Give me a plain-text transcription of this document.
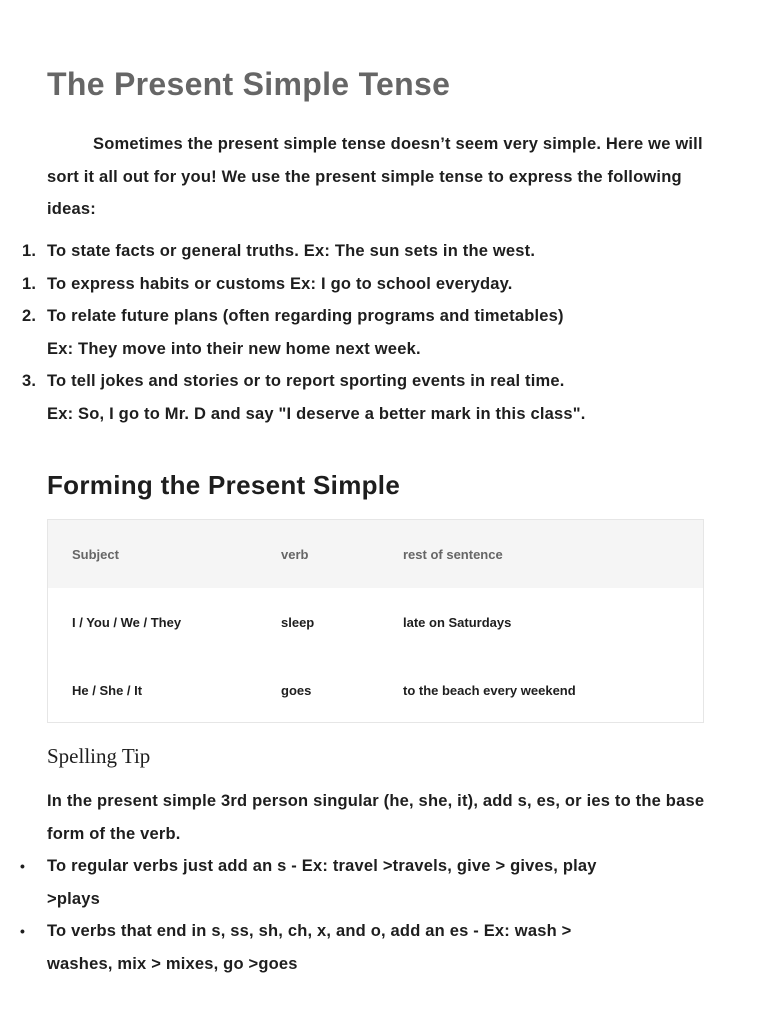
The Present Simple Tense

Sometimes the present simple tense doesn’t seem very simple. Here we will sort it all out for you! We use the present simple tense to express the following ideas:

1. To state facts or general truths. Ex: The sun sets in the west.
1. To express habits or customs Ex: I go to school everyday.
2. To relate future plans (often regarding programs and timetables)
Ex: They move into their new home next week.
3. To tell jokes and stories or to report sporting events in real time.
Ex: So, I go to Mr. D and say "I deserve a better mark in this class".
Forming the Present Simple
Subject	verb	rest of sentence
I / You / We / They	sleep	late on Saturdays
He / She / It	goes	to the beach every weekend
Spelling Tip

In the present simple 3rd person singular (he, she, it), add s, es, or ies to the base form of the verb.

• To regular verbs just add an s - Ex: travel >travels, give > gives, play
>plays
• To verbs that end in s, ss, sh, ch, x, and o, add an es - Ex: wash >
washes, mix > mixes, go >goes
